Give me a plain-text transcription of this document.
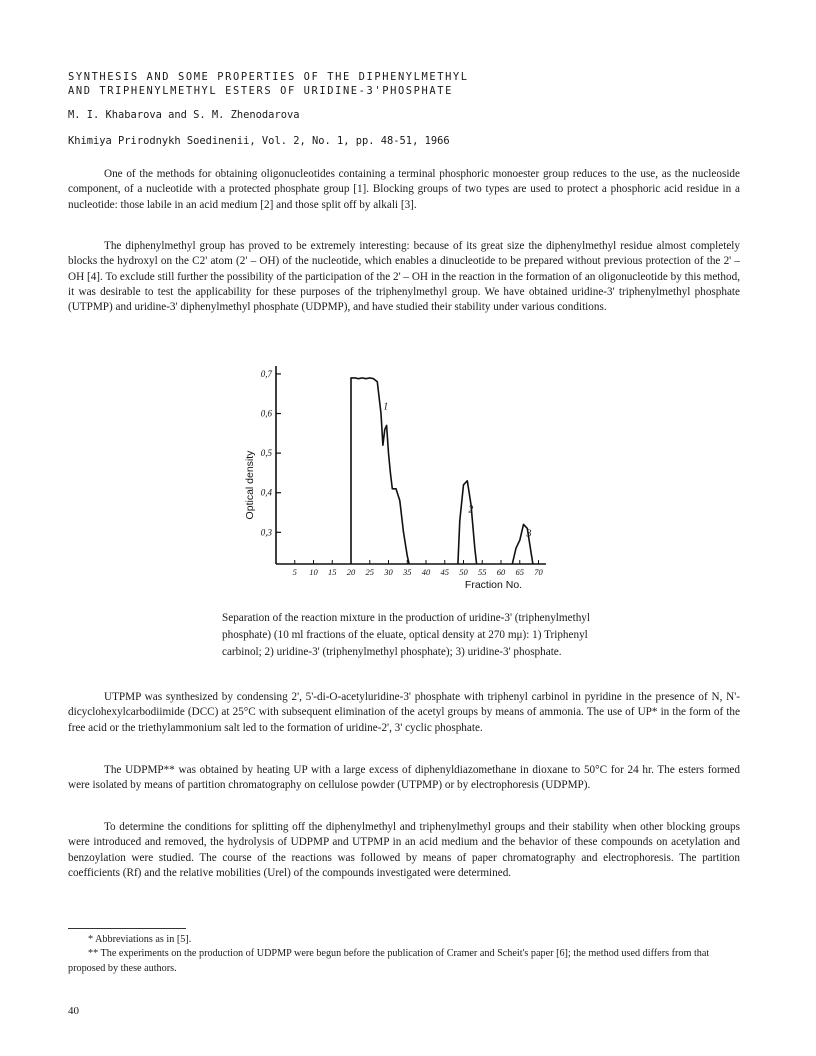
SYNTHESIS AND SOME PROPERTIES OF THE DIPHENYLMETHYL
AND TRIPHENYLMETHYL ESTERS OF URIDINE-3'PHOSPHATE
M. I. Khabarova and S. M. Zhenodarova
Khimiya Prirodnykh Soedinenii, Vol. 2, No. 1, pp. 48-51, 1966

One of the methods for obtaining oligonucleotides containing a terminal phosphoric monoester group reduces to the use, as the nucleoside component, of a nucleotide with a protected phosphate group [1]. Blocking groups of two types are used to protect a phosphoric acid residue in a nucleotide: those labile in an acid medium [2] and those split off by alkali [3].

The diphenylmethyl group has proved to be extremely interesting: because of its great size the diphenylmethyl residue almost completely blocks the hydroxyl on the C2' atom (2' – OH) of the nucleotide, which enables a dinucleotide to be prepared without previous protection of the 2' – OH [4]. To exclude still further the possibility of the participation of the 2' – OH in the reaction in the formation of an oligonucleotide by this method, it was desirable to test the applicability for these purposes of the triphenylmethyl group. We have obtained uridine-3' triphenylmethyl phosphate (UTPMP) and uridine-3' diphenylmethyl phosphate (UDPMP), and have studied their stability under various conditions.

0,3
0,4
0,5
0,6
0,7
5 10 15 20 25 30 35 40 45 50 55 60 65 70
Fraction No.
Optical density
1
2
3

Separation of the reaction mixture in the production of uridine-3' (triphenylmethyl phosphate) (10 ml fractions of the eluate, optical density at 270 mμ): 1) Triphenyl carbinol; 2) uridine-3' (triphenylmethyl phosphate); 3) uridine-3' phosphate.

UTPMP was synthesized by condensing 2', 5'-di-O-acetyluridine-3' phosphate with triphenyl carbinol in pyridine in the presence of N, N'-dicyclohexylcarbodiimide (DCC) at 25°C with subsequent elimination of the acetyl groups by means of ammonia. The use of UP* in the form of the free acid or the triethylammonium salt led to the formation of uridine-2', 3' cyclic phosphate.

The UDPMP** was obtained by heating UP with a large excess of diphenyldiazomethane in dioxane to 50°C for 24 hr. The esters formed were isolated by means of partition chromatography on cellulose powder (UTPMP) or by electrophoresis (UDPMP).

To determine the conditions for splitting off the diphenylmethyl and triphenylmethyl groups and their stability when other blocking groups were introduced and removed, the hydrolysis of UDPMP and UTPMP in an acid medium and the behavior of these compounds on acetylation and benzoylation were studied. The course of the reactions was followed by means of paper chromatography and electrophoresis. The partition coefficients (Rf) and the relative mobilities (Urel) of the compounds investigated were determined.

* Abbreviations as in [5].

** The experiments on the production of UDPMP were begun before the publication of Cramer and Scheit's paper [6]; the method used differs from that proposed by these authors.

40
